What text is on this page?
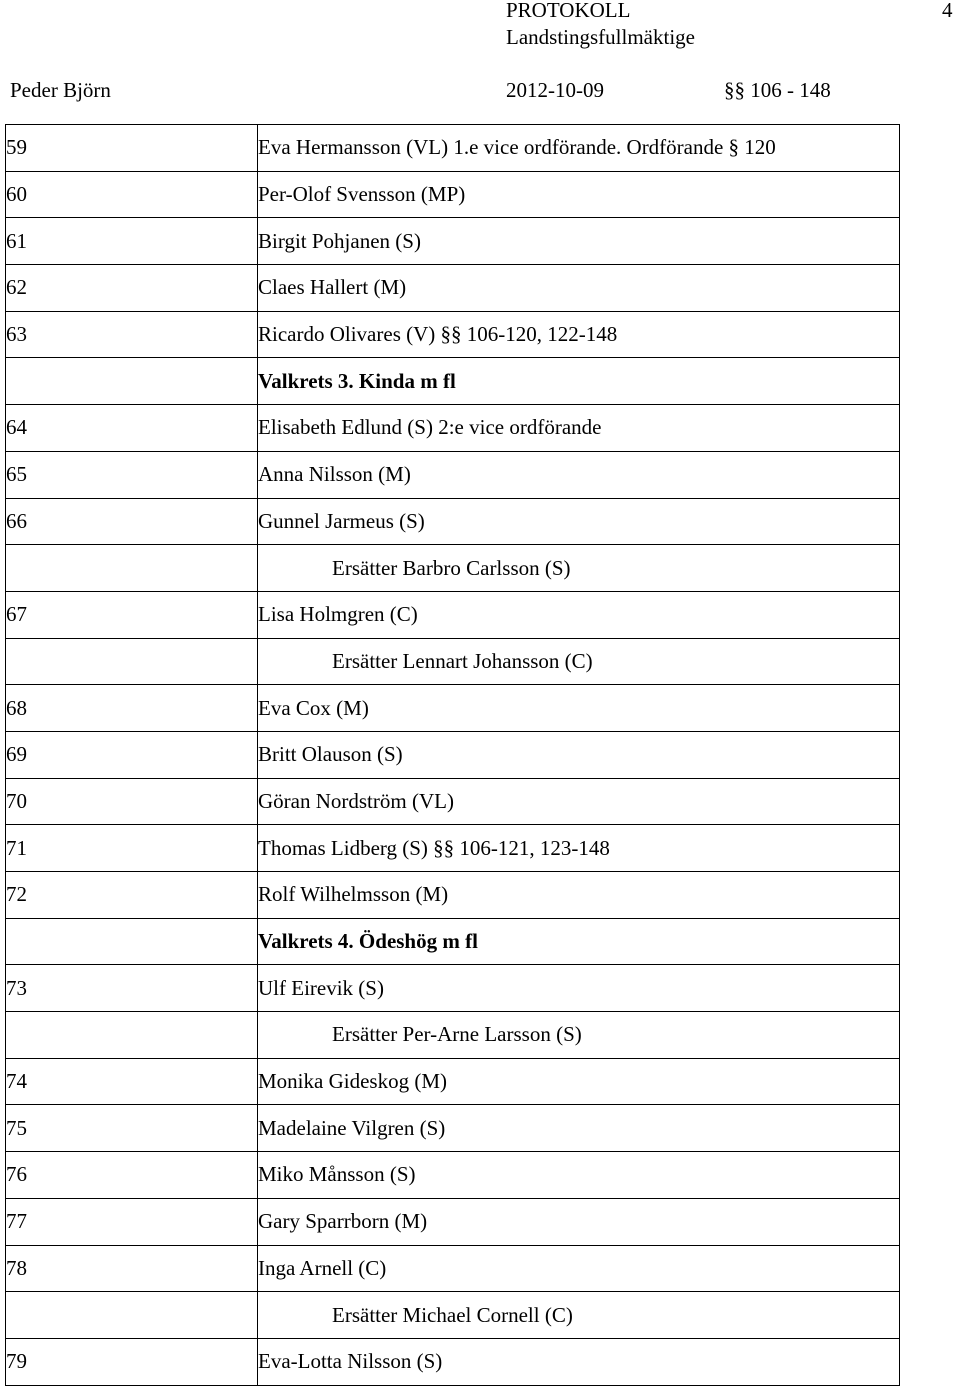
PROTOKOLL	4
Landstingsfullmäktige
Peder Björn	2012-10-09	§§ 106 - 148
59	Eva Hermansson (VL) 1.e vice ordförande. Ordförande § 120
60	Per-Olof Svensson (MP)
61	Birgit Pohjanen (S)
62	Claes Hallert (M)
63	Ricardo Olivares (V) §§ 106-120, 122-148
	Valkrets 3. Kinda m fl
64	Elisabeth Edlund (S) 2:e vice ordförande
65	Anna Nilsson (M)
66	Gunnel Jarmeus (S)
	Ersätter Barbro Carlsson (S)
67	Lisa Holmgren (C)
	Ersätter Lennart Johansson (C)
68	Eva Cox (M)
69	Britt Olauson (S)
70	Göran Nordström (VL)
71	Thomas Lidberg (S) §§ 106-121, 123-148
72	Rolf Wilhelmsson (M)
	Valkrets 4. Ödeshög m fl
73	Ulf Eirevik (S)
	Ersätter Per-Arne Larsson (S)
74	Monika Gideskog (M)
75	Madelaine Vilgren (S)
76	Miko Månsson (S)
77	Gary Sparrborn (M)
78	Inga Arnell (C)
	Ersätter Michael Cornell (C)
79	Eva-Lotta Nilsson (S)
